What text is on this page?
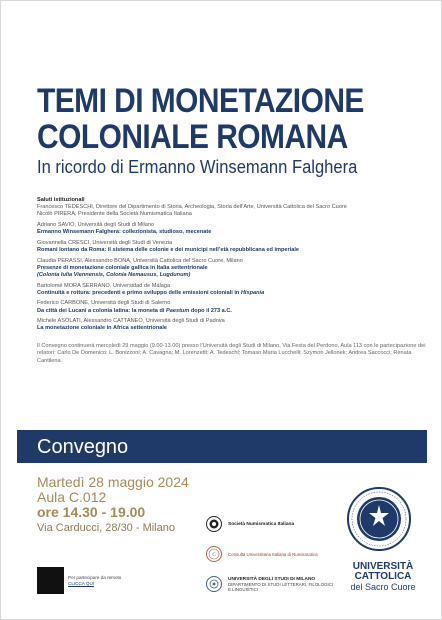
TEMI DI MONETAZIONE
COLONIALE ROMANA
In ricordo di Ermanno Winsemann Falghera
Saluti istituzionali
Francesco TEDESCHI, Direttore del Dipartimento di Storia, Archeologia, Storia dell’Arte, Università Cattolica del Sacro Cuore
Nicolò PIRERA, Presidente della Società Numismatica Italiana
Adriano SAVIO, Università degli Studi di Milano
Ermanno Winsemann Falghera: collezionista, studioso, mecenate
Giovannella CRESCI, Università degli Studi di Venezia
Romani lontano da Roma: il sistema delle colonie e dei municipi nell’età repubblicana ed imperiale
Claudia PERASSI, Alessandro BONA, Università Cattolica del Sacro Cuore, Milano
Presenze di monetazione coloniale gallica in Italia settentrionale
(Colonia Iulia Viennensis, Colonia Nemausus, Lugdunum)
Bartolomé MORA SERRANO, Universidad de Málaga
Continuità e rottura: precedenti e primo sviluppo delle emissioni coloniali in Hispania
Federico CARBONE, Università degli Studi di Salerno
Da città dei Lucani a colonia latina: la moneta di Paestum dopo il 273 a.C.
Michele ASOLATI, Alessandro CATTANEO, Università degli Studi di Padova
La monetazione coloniale in Africa settentrionale
Il Convegno continuerà mercoledì 29 maggio (9.00-13.00) presso l’Università degli Studi di Milano, Via Festa del Perdono, Aula 113 con le partecipazione dei relatori: Carlo De Domenico; L. Bonizzoni; A. Cavagna; M. Lorenzetti; A. Tedeschi; Tomaso Maria Lucchelli; Szymon Jellonek; Andrea Saccocci; Renata Cantilena.
Convegno
Martedì 28 maggio 2024
Aula C.012
ore 14.30 - 19.00
Via Carducci, 28/30 - Milano	Società Numismatica Italiana
C	Consulta Universitaria Italiana di Numismatica
UNIVERSITÀ DEGLI STUDI DI MILANO
DIPARTIMENTO DI STUDI LETTERARI, FILOLOGICI E LINGUISTICI
UNIVERSITÀ
CATTOLICA
del Sacro Cuore
Per partecipare da remoto
CLICCA QUI
